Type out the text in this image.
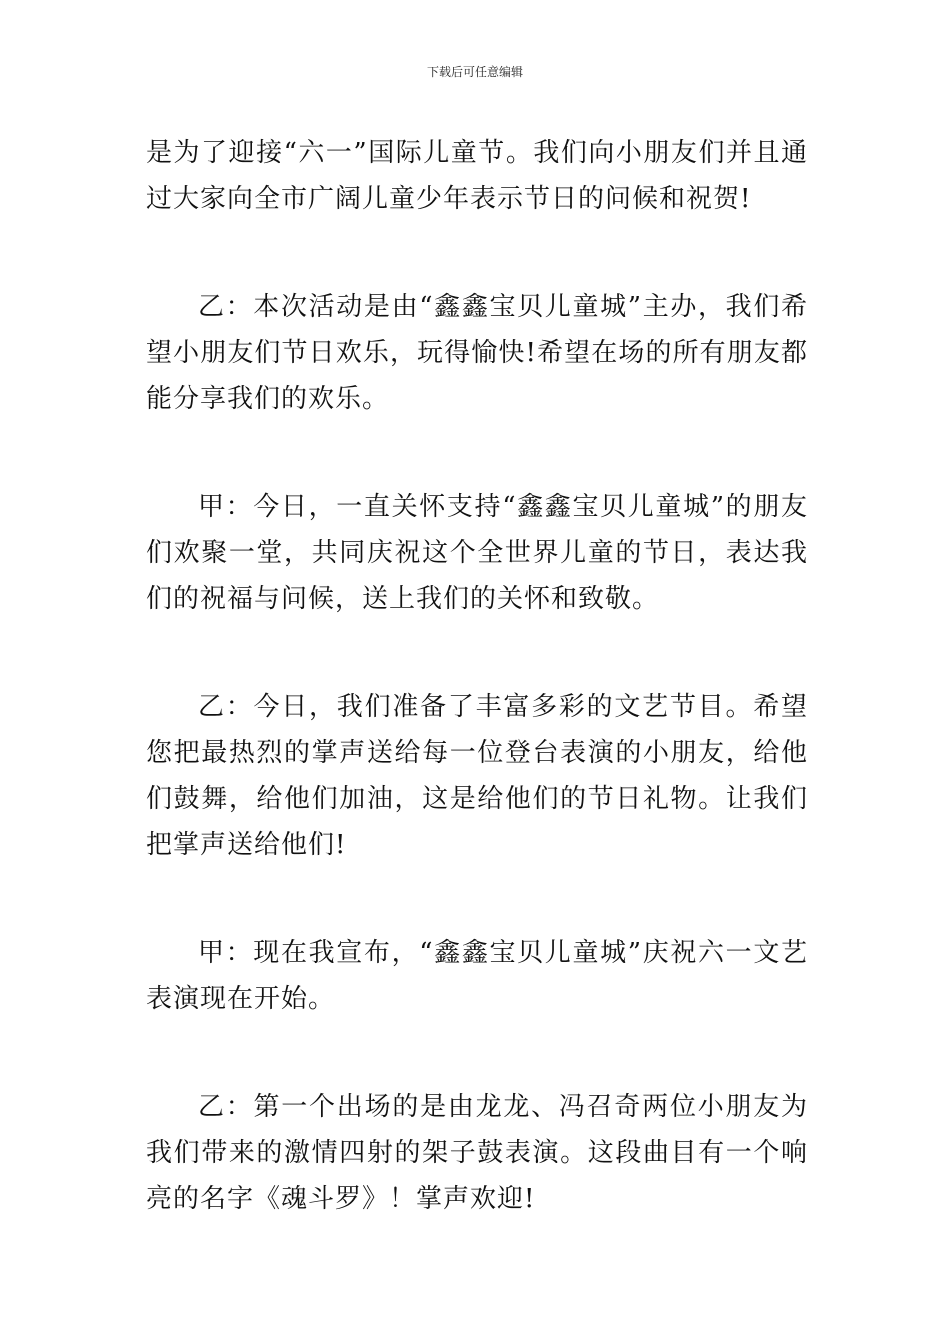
下载后可任意编辑

是为了迎接“六一”国际儿童节。我们向小朋友们并且通过大家向全市广阔儿童少年表示节日的问候和祝贺!

乙：本次活动是由“鑫鑫宝贝儿童城”主办，我们希望小朋友们节日欢乐，玩得愉快!希望在场的所有朋友都能分享我们的欢乐。

甲：今日，一直关怀支持“鑫鑫宝贝儿童城”的朋友们欢聚一堂，共同庆祝这个全世界儿童的节日，表达我们的祝福与问候，送上我们的关怀和致敬。

乙：今日，我们准备了丰富多彩的文艺节目。希望您把最热烈的掌声送给每一位登台表演的小朋友，给他们鼓舞，给他们加油，这是给他们的节日礼物。让我们把掌声送给他们!

甲：现在我宣布，“鑫鑫宝贝儿童城”庆祝六一文艺表演现在开始。

乙：第一个出场的是由龙龙、冯召奇两位小朋友为我们带来的激情四射的架子鼓表演。这段曲目有一个响亮的名字《魂斗罗》！掌声欢迎!
